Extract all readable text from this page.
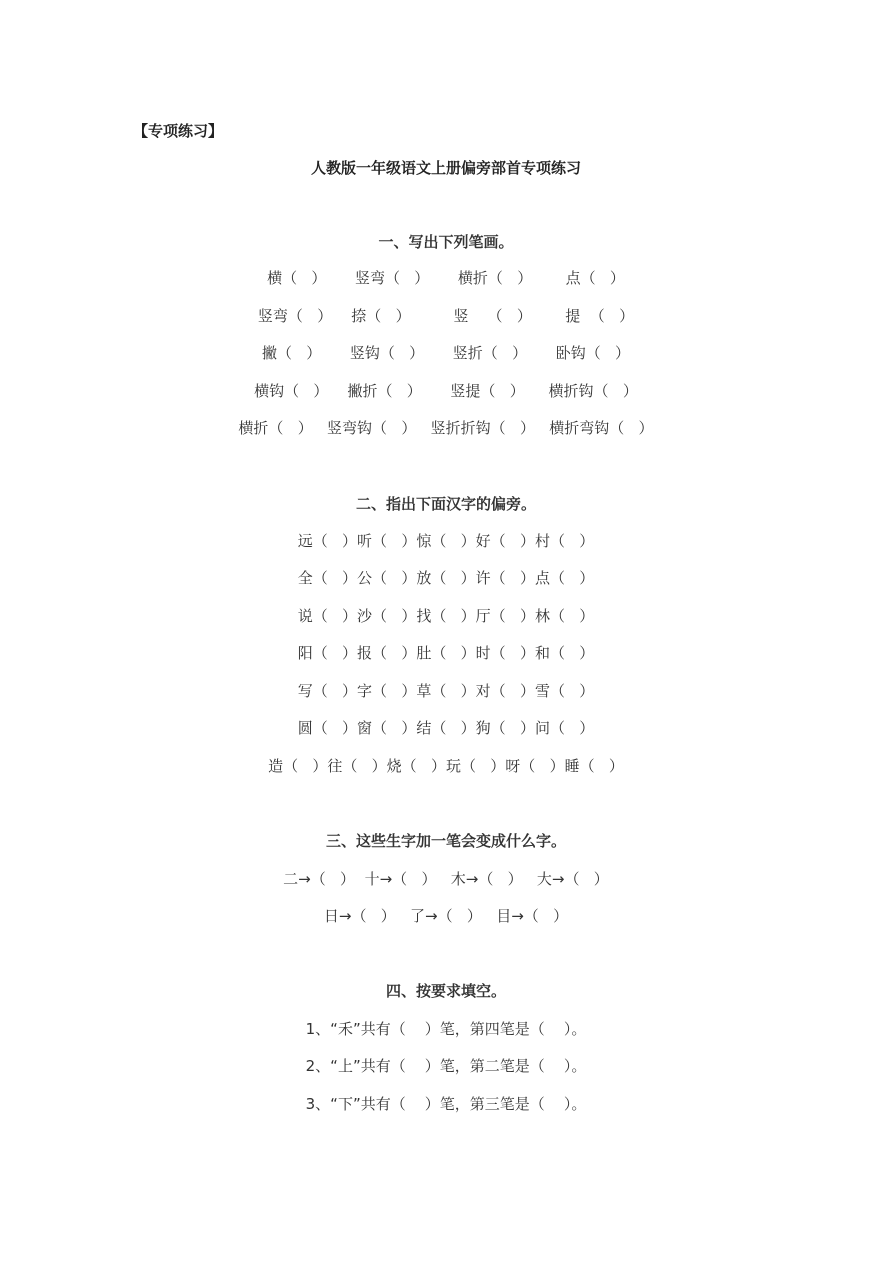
【专项练习】
人教版一年级语文上册偏旁部首专项练习
一、写出下列笔画。
横（   ）      竖弯（   ）      横折（   ）       点（   ）
竖弯（   ）    捺（   ）         竖    （   ）       提  （   ）
撇（   ）      竖钩（   ）      竖折（   ）      卧钩（   ）
横钩（   ）    撇折（   ）      竖提（   ）     横折钩（   ）
横折（   ）   竖弯钩（   ）   竖折折钩（   ）   横折弯钩（   ）
二、指出下面汉字的偏旁。
远（   ）听（   ）惊（   ）好（   ）村（   ）
全（   ）公（   ）放（   ）许（   ）点（   ）
说（   ）沙（   ）找（   ）厅（   ）林（   ）
阳（   ）报（   ）肚（   ）时（   ）和（   ）
写（   ）字（   ）草（   ）对（   ）雪（   ）
圆（   ）窗（   ）结（   ）狗（   ）问（   ）
造（   ）往（   ）烧（   ）玩（   ）呀（   ）睡（   ）
三、这些生字加一笔会变成什么字。
二→（   ）  十→（   ）   木→（   ）   大→（   ）
日→（   ）   了→（   ）   目→（   ）
四、按要求填空。
1、“禾”共有（    ）笔，第四笔是（    ）。
2、“上”共有（    ）笔，第二笔是（    ）。
3、“下”共有（    ）笔，第三笔是（    ）。
